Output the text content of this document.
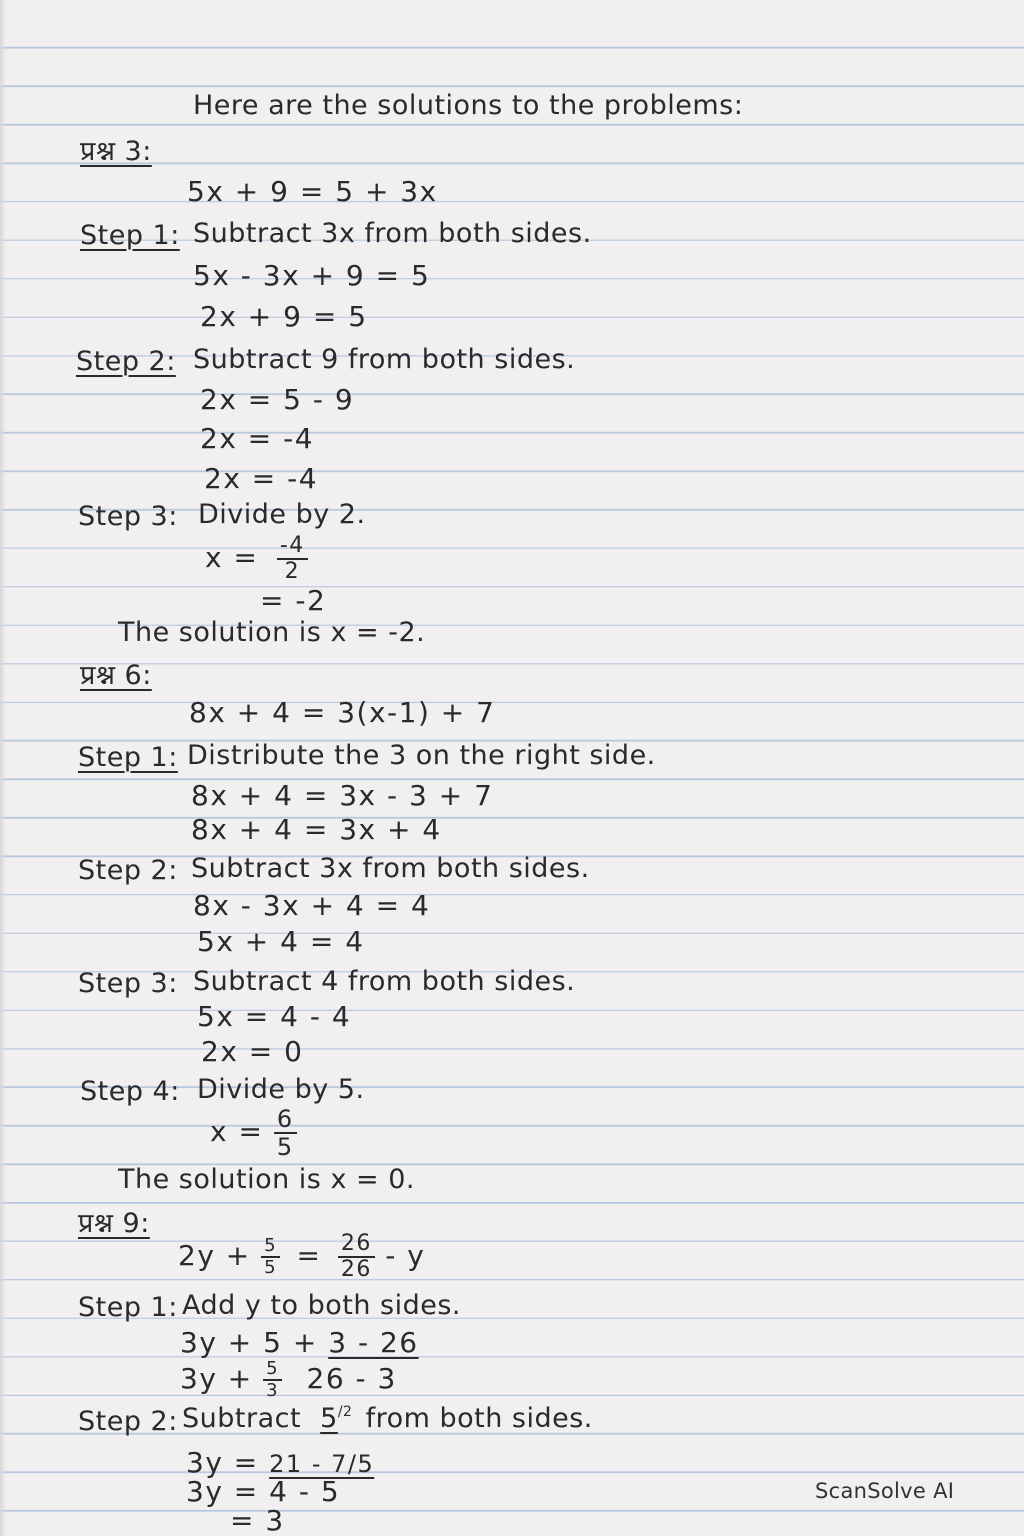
Here are the solutions to the problems:
प्रश्न 3:
5x + 9 = 5 + 3x
Step 1: Subtract 3x from both sides.
5x - 3x + 9 = 5
2x + 9 = 5
Step 2: Subtract 9 from both sides.
2x = 5 - 9
2x = -4
2x = -4
Step 3: Divide by 2.
$x = \frac{-4}{2}$
= -2
The solution is x = -2.
प्रश्न 6:
8x + 4 = 3(x-1) + 7
Step 1: Distribute the 3 on the right side.
8x + 4 = 3x - 3 + 7
8x + 4 = 3x + 4
Step 2: Subtract 3x from both sides.
8x - 3x + 4 = 4
5x + 4 = 4
Step 3: Subtract 4 from both sides.
5x = 4 - 4
2x = 0
Step 4: Divide by 5.
$x = \frac{6}{5}$
The solution is x = 0.
प्रश्न 9:
$2y + \frac{5}{5} = \frac{26}{26} - y$
Step 1: Add y to both sides.
3y + 5 + 3 - 26
$3y + \frac{5}{3} 26 - 3$
Step 2: Subtract $5^{/2}$ from both sides.
3y = 21 - 7/5
3y = 4 - 5
= 3
ScanSolve AI
